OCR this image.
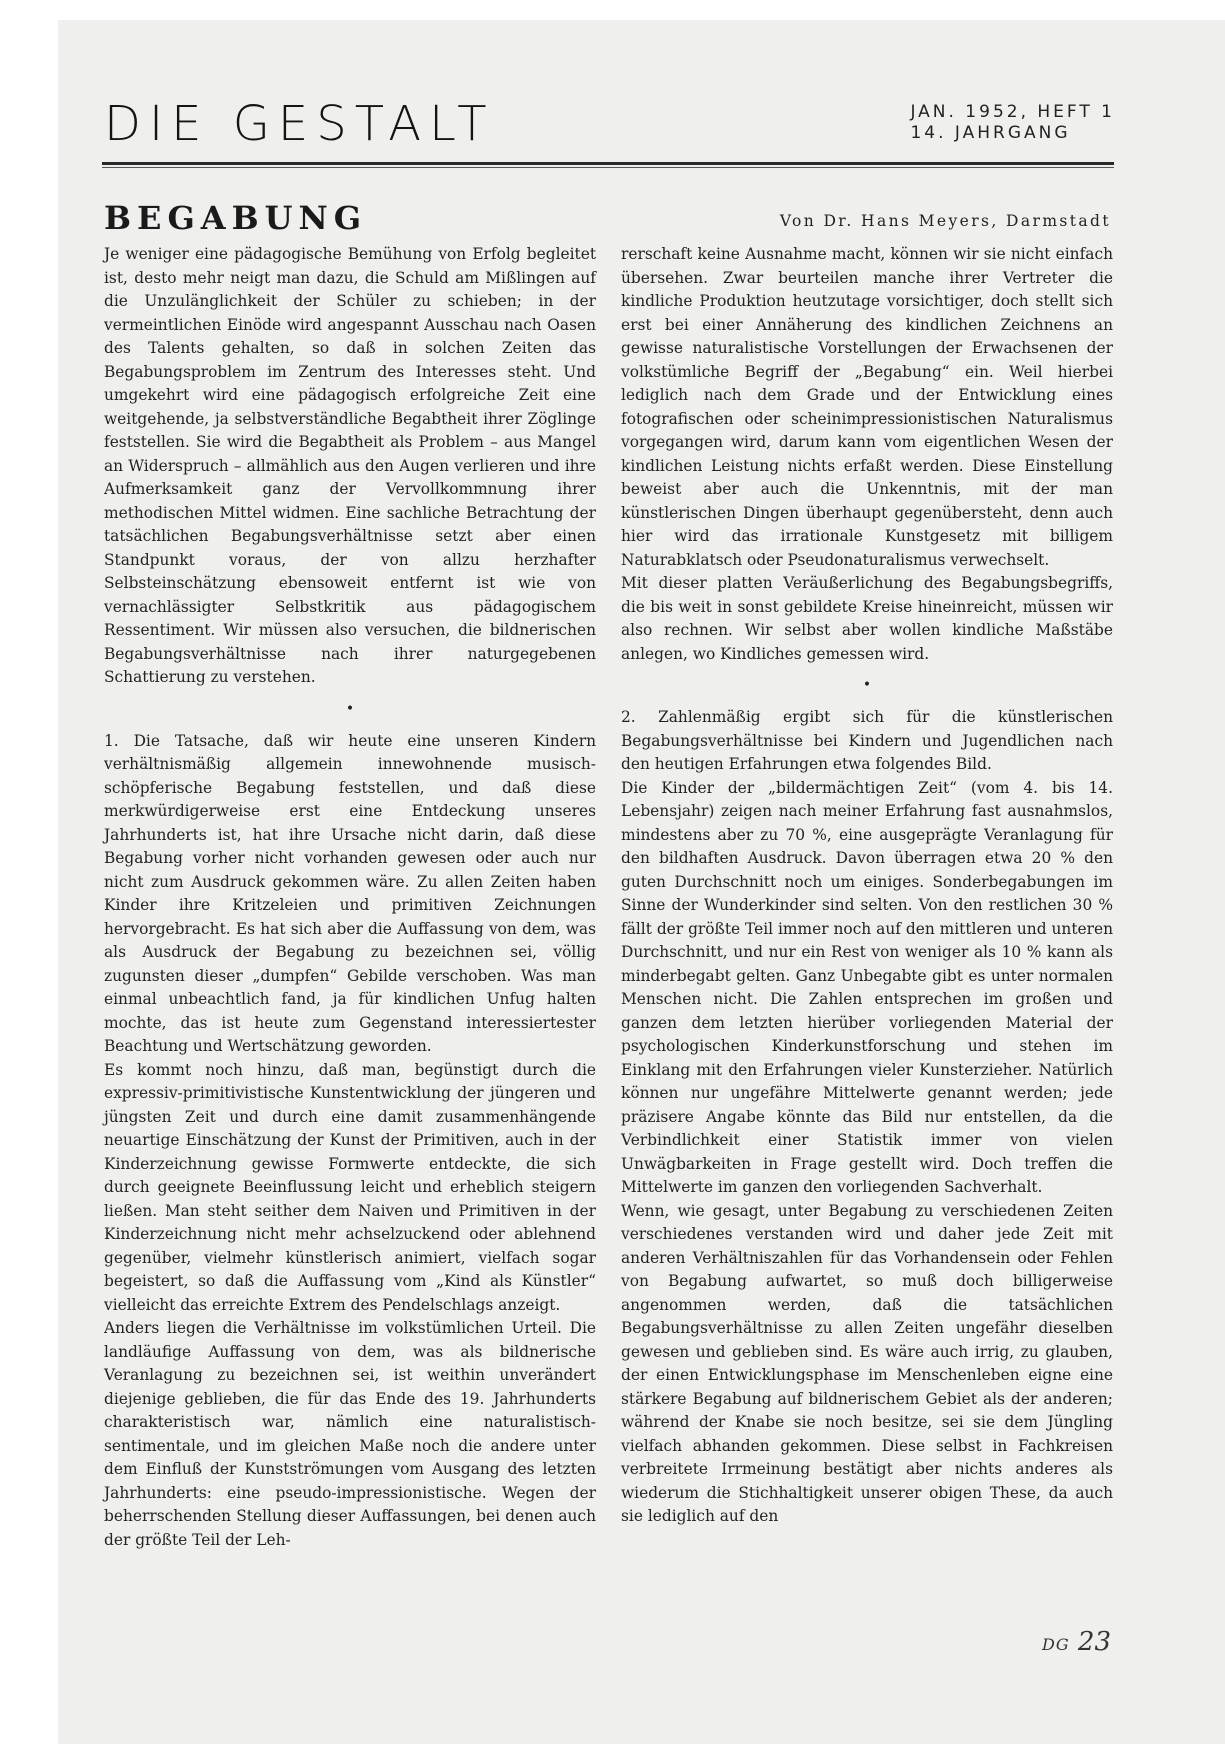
DIE GESTALT	JAN. 1952, HEFT 1
14. JAHRGANG
BEGABUNG	Von Dr. Hans Meyers, Darmstadt

Je weniger eine pädagogische Bemühung von Erfolg begleitet ist, desto mehr neigt man dazu, die Schuld am Mißlingen auf die Unzulänglichkeit der Schüler zu schieben; in der vermeintlichen Einöde wird angespannt Ausschau nach Oasen des Talents gehalten, so daß in solchen Zeiten das Begabungsproblem im Zentrum des Interesses steht. Und umgekehrt wird eine pädagogisch erfolgreiche Zeit eine weitgehende, ja selbstverständliche Begabtheit ihrer Zöglinge feststellen. Sie wird die Begabtheit als Problem – aus Mangel an Widerspruch – allmählich aus den Augen verlieren und ihre Aufmerksamkeit ganz der Vervollkommnung ihrer methodischen Mittel widmen. Eine sachliche Betrachtung der tatsächlichen Begabungsverhältnisse setzt aber einen Standpunkt voraus, der von allzu herzhafter Selbsteinschätzung ebensoweit entfernt ist wie von vernachlässigter Selbstkritik aus pädagogischem Ressentiment. Wir müssen also versuchen, die bildnerischen Begabungsverhältnisse nach ihrer naturgegebenen Schattierung zu verstehen.

•

1. Die Tatsache, daß wir heute eine unseren Kindern verhältnismäßig allgemein innewohnende musisch-schöpferische Begabung feststellen, und daß diese merkwürdigerweise erst eine Entdeckung unseres Jahrhunderts ist, hat ihre Ursache nicht darin, daß diese Begabung vorher nicht vorhanden gewesen oder auch nur nicht zum Ausdruck gekommen wäre. Zu allen Zeiten haben Kinder ihre Kritzeleien und primitiven Zeichnungen hervorgebracht. Es hat sich aber die Auffassung von dem, was als Ausdruck der Begabung zu bezeichnen sei, völlig zugunsten dieser „dumpfen“ Gebilde verschoben. Was man einmal unbeachtlich fand, ja für kindlichen Unfug halten mochte, das ist heute zum Gegenstand interessiertester Beachtung und Wertschätzung geworden.

Es kommt noch hinzu, daß man, begünstigt durch die expressiv-primitivistische Kunstentwicklung der jüngeren und jüngsten Zeit und durch eine damit zusammenhängende neuartige Einschätzung der Kunst der Primitiven, auch in der Kinderzeichnung gewisse Formwerte entdeckte, die sich durch geeignete Beeinflussung leicht und erheblich steigern ließen. Man steht seither dem Naiven und Primitiven in der Kinderzeichnung nicht mehr achselzuckend oder ablehnend gegenüber, vielmehr künstlerisch animiert, vielfach sogar begeistert, so daß die Auffassung vom „Kind als Künstler“ vielleicht das erreichte Extrem des Pendelschlags anzeigt.

Anders liegen die Verhältnisse im volkstümlichen Urteil. Die landläufige Auffassung von dem, was als bildnerische Veranlagung zu bezeichnen sei, ist weithin unverändert diejenige geblieben, die für das Ende des 19. Jahrhunderts charakteristisch war, nämlich eine naturalistisch-sentimentale, und im gleichen Maße noch die andere unter dem Einfluß der Kunstströmungen vom Ausgang des letzten Jahrhunderts: eine pseudo-impressionistische. Wegen der beherrschenden Stellung dieser Auffassungen, bei denen auch der größte Teil der Leh-

rerschaft keine Ausnahme macht, können wir sie nicht einfach übersehen. Zwar beurteilen manche ihrer Vertreter die kindliche Produktion heutzutage vorsichtiger, doch stellt sich erst bei einer Annäherung des kindlichen Zeichnens an gewisse naturalistische Vorstellungen der Erwachsenen der volkstümliche Begriff der „Begabung“ ein. Weil hierbei lediglich nach dem Grade und der Entwicklung eines fotografischen oder scheinimpressionistischen Naturalismus vorgegangen wird, darum kann vom eigentlichen Wesen der kindlichen Leistung nichts erfaßt werden. Diese Einstellung beweist aber auch die Unkenntnis, mit der man künstlerischen Dingen überhaupt gegenübersteht, denn auch hier wird das irrationale Kunstgesetz mit billigem Naturabklatsch oder Pseudonaturalismus verwechselt.

Mit dieser platten Veräußerlichung des Begabungsbegriffs, die bis weit in sonst gebildete Kreise hineinreicht, müssen wir also rechnen. Wir selbst aber wollen kindliche Maßstäbe anlegen, wo Kindliches gemessen wird.

•

2. Zahlenmäßig ergibt sich für die künstlerischen Begabungsverhältnisse bei Kindern und Jugendlichen nach den heutigen Erfahrungen etwa folgendes Bild.

Die Kinder der „bildermächtigen Zeit“ (vom 4. bis 14. Lebensjahr) zeigen nach meiner Erfahrung fast ausnahmslos, mindestens aber zu 70 %, eine ausgeprägte Veranlagung für den bildhaften Ausdruck. Davon überragen etwa 20 % den guten Durchschnitt noch um einiges. Sonderbegabungen im Sinne der Wunderkinder sind selten. Von den restlichen 30 % fällt der größte Teil immer noch auf den mittleren und unteren Durchschnitt, und nur ein Rest von weniger als 10 % kann als minderbegabt gelten. Ganz Unbegabte gibt es unter normalen Menschen nicht. Die Zahlen entsprechen im großen und ganzen dem letzten hierüber vorliegenden Material der psychologischen Kinderkunstforschung und stehen im Einklang mit den Erfahrungen vieler Kunsterzieher. Natürlich können nur ungefähre Mittelwerte genannt werden; jede präzisere Angabe könnte das Bild nur entstellen, da die Verbindlichkeit einer Statistik immer von vielen Unwägbarkeiten in Frage gestellt wird. Doch treffen die Mittelwerte im ganzen den vorliegenden Sachverhalt.

Wenn, wie gesagt, unter Begabung zu verschiedenen Zeiten verschiedenes verstanden wird und daher jede Zeit mit anderen Verhältniszahlen für das Vorhandensein oder Fehlen von Begabung aufwartet, so muß doch billigerweise angenommen werden, daß die tatsächlichen Begabungsverhältnisse zu allen Zeiten ungefähr dieselben gewesen und geblieben sind. Es wäre auch irrig, zu glauben, der einen Entwicklungsphase im Menschenleben eigne eine stärkere Begabung auf bildnerischem Gebiet als der anderen; während der Knabe sie noch besitze, sei sie dem Jüngling vielfach abhanden gekommen. Diese selbst in Fachkreisen verbreitete Irrmeinung bestätigt aber nichts anderes als wiederum die Stichhaltigkeit unserer obigen These, da auch sie lediglich auf den

DG 23
